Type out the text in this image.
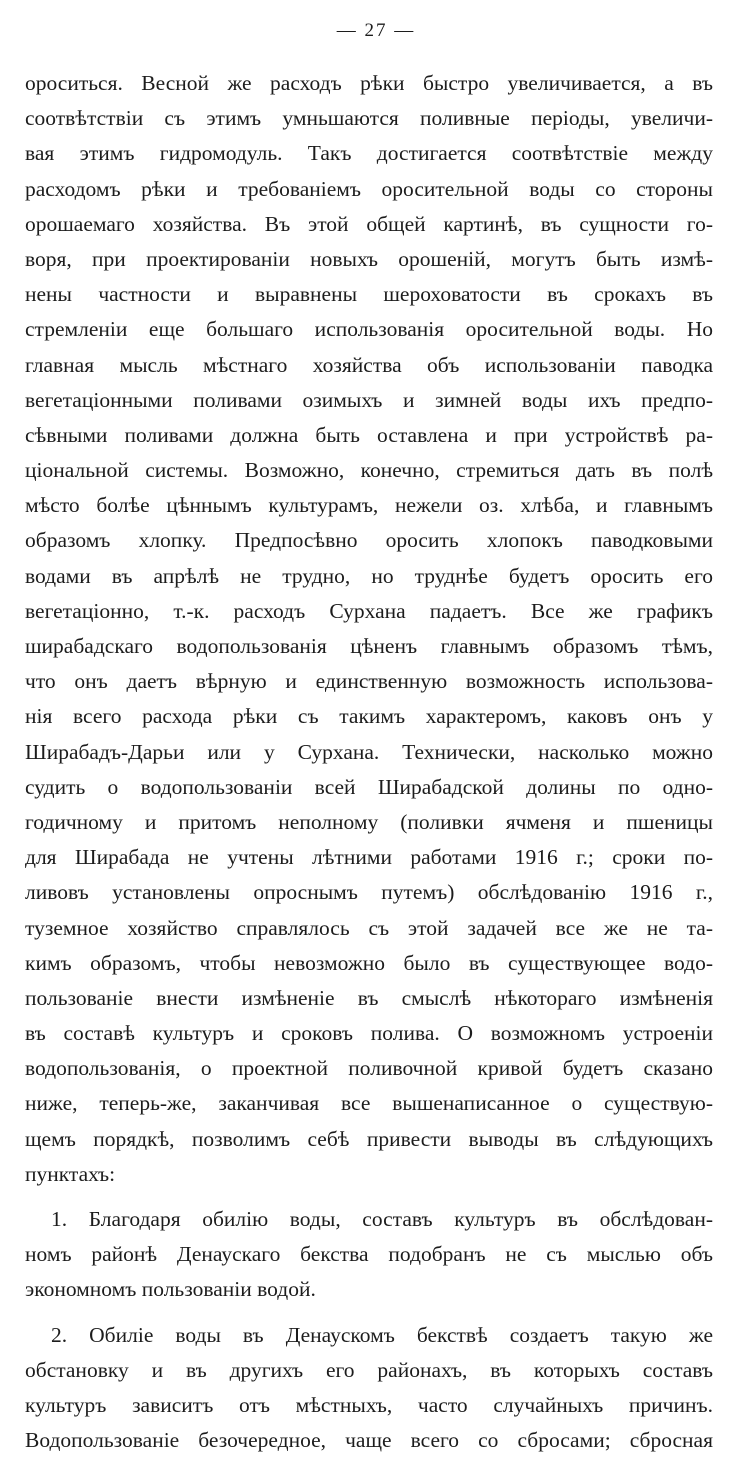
— 27 —
ороситься. Весной же расходъ рѣки быстро увеличивается, а въ
соотвѣтствіи съ этимъ умньшаются поливные періоды, увеличи-
вая этимъ гидромодуль. Такъ достигается соотвѣтствіе между
расходомъ рѣки и требованіемъ оросительной воды со стороны
орошаемаго хозяйства. Въ этой общей картинѣ, въ сущности го-
воря, при проектированіи новыхъ орошеній, могутъ быть измѣ-
нены частности и выравнены шероховатости въ срокахъ въ
стремленіи еще большаго использованія оросительной воды. Но
главная мысль мѣстнаго хозяйства объ использованіи паводка
вегетаціонными поливами озимыхъ и зимней воды ихъ предпо-
сѣвными поливами должна быть оставлена и при устройствѣ ра-
ціональной системы. Возможно, конечно, стремиться дать въ полѣ
мѣсто болѣе цѣннымъ культурамъ, нежели оз. хлѣба, и главнымъ
образомъ хлопку. Предпосѣвно оросить хлопокъ паводковыми
водами въ апрѣлѣ не трудно, но труднѣе будетъ оросить его
вегетаціонно, т.-к. расходъ Сурхана падаетъ. Все же графикъ
ширабадскаго водопользованія цѣненъ главнымъ образомъ тѣмъ,
что онъ даетъ вѣрную и единственную возможность использова-
нія всего расхода рѣки съ такимъ характеромъ, каковъ онъ у
Ширабадъ-Дарьи или у Сурхана. Технически, насколько можно
судить о водопользованіи всей Ширабадской долины по одно-
годичному и притомъ неполному (поливки ячменя и пшеницы
для Ширабада не учтены лѣтними работами 1916 г.; сроки по-
ливовъ установлены опроснымъ путемъ) обслѣдованію 1916 г.,
туземное хозяйство справлялось съ этой задачей все же не та-
кимъ образомъ, чтобы невозможно было въ существующее водо-
пользованіе внести измѣненіе въ смыслѣ нѣкотораго измѣненія
въ составѣ культуръ и сроковъ полива. О возможномъ устроеніи
водопользованія, о проектной поливочной кривой будетъ сказано
ниже, теперь-же, заканчивая все вышенаписанное о существую-
щемъ порядкѣ, позволимъ себѣ привести выводы въ слѣдующихъ
пунктахъ:
1. Благодаря обилію воды, составъ культуръ въ обслѣдован-
номъ районѣ Денаускаго бекства подобранъ не съ мыслью объ
экономномъ пользованіи водой.
2. Обиліе воды въ Денаускомъ бекствѣ создаетъ такую же
обстановку и въ другихъ его районахъ, въ которыхъ составъ
культуръ зависитъ отъ мѣстныхъ, часто случайныхъ причинъ.
Водопользованіе безочередное, чаще всего со сбросами; сбросная
